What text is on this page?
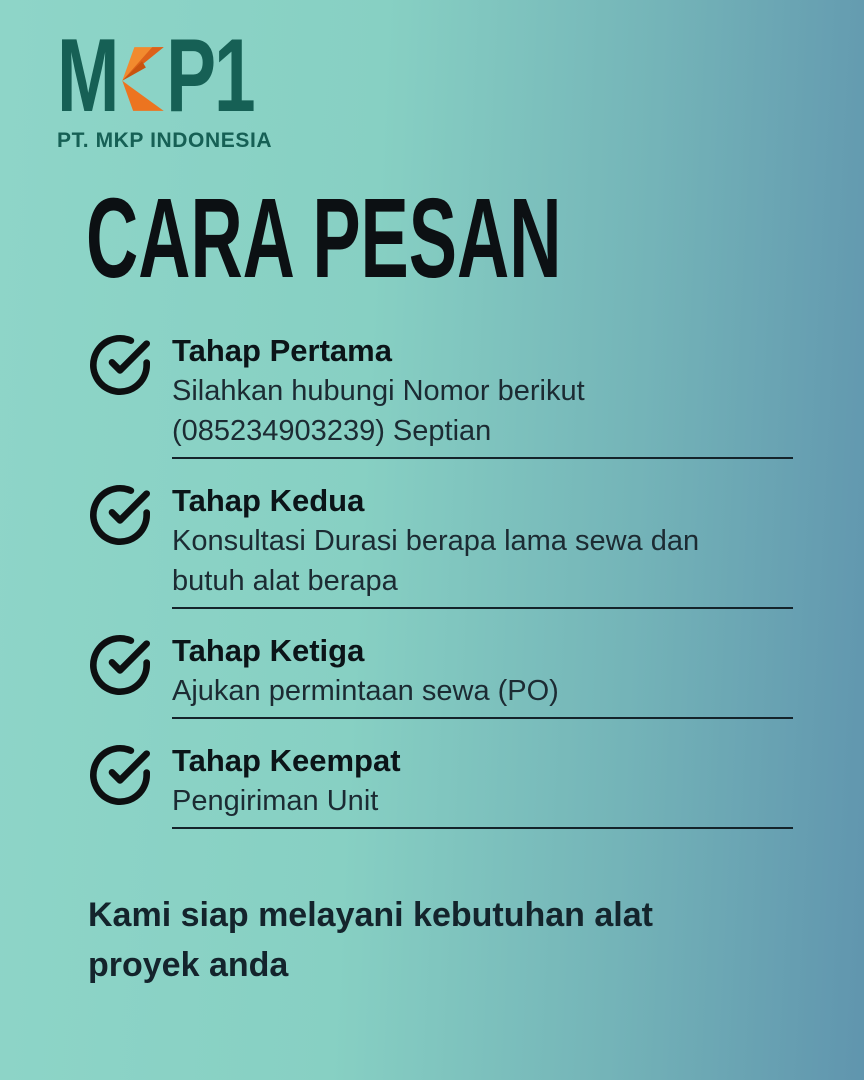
M P 1
PT. MKP INDONESIA
CARA PESAN
Tahap Pertama
Silahkan hubungi Nomor berikut
(085234903239) Septian
Tahap Kedua
Konsultasi Durasi berapa lama sewa dan
butuh alat berapa
Tahap Ketiga
Ajukan permintaan sewa (PO)
Tahap Keempat
Pengiriman Unit
Kami siap melayani kebutuhan alat
proyek anda
